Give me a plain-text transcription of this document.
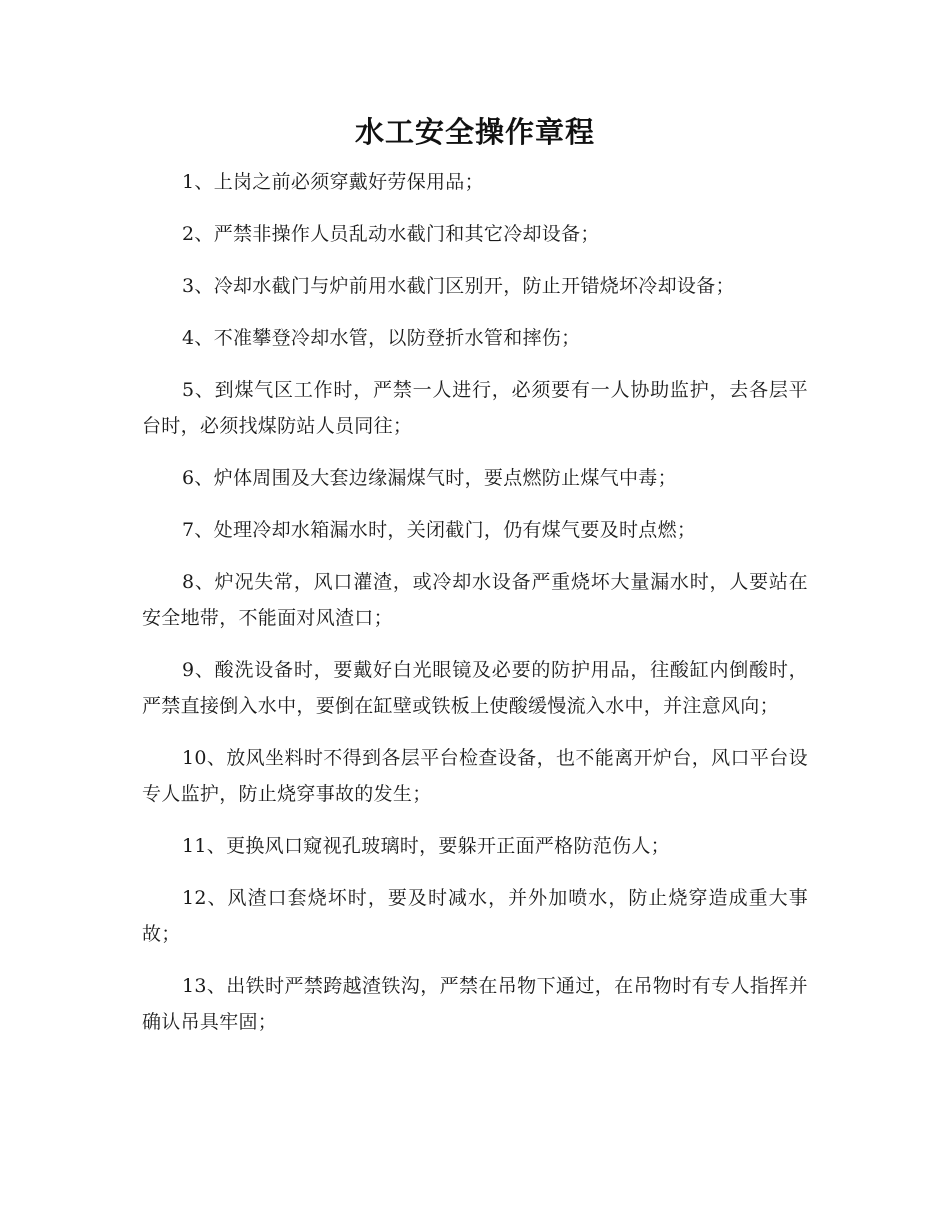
水工安全操作章程

1、上岗之前必须穿戴好劳保用品；

2、严禁非操作人员乱动水截门和其它冷却设备；

3、冷却水截门与炉前用水截门区别开，防止开错烧坏冷却设备；

4、不准攀登冷却水管，以防登折水管和摔伤；

5、到煤气区工作时，严禁一人进行，必须要有一人协助监护，去各层平台时，必须找煤防站人员同往；

6、炉体周围及大套边缘漏煤气时，要点燃防止煤气中毒；

7、处理冷却水箱漏水时，关闭截门，仍有煤气要及时点燃；

8、炉况失常，风口灌渣，或冷却水设备严重烧坏大量漏水时，人要站在安全地带，不能面对风渣口；

9、酸洗设备时，要戴好白光眼镜及必要的防护用品，往酸缸内倒酸时，严禁直接倒入水中，要倒在缸壁或铁板上使酸缓慢流入水中，并注意风向；

10、放风坐料时不得到各层平台检查设备，也不能离开炉台，风口平台设专人监护，防止烧穿事故的发生；

11、更换风口窥视孔玻璃时，要躲开正面严格防范伤人；

12、风渣口套烧坏时，要及时减水，并外加喷水，防止烧穿造成重大事故；

13、出铁时严禁跨越渣铁沟，严禁在吊物下通过，在吊物时有专人指挥并确认吊具牢固；
